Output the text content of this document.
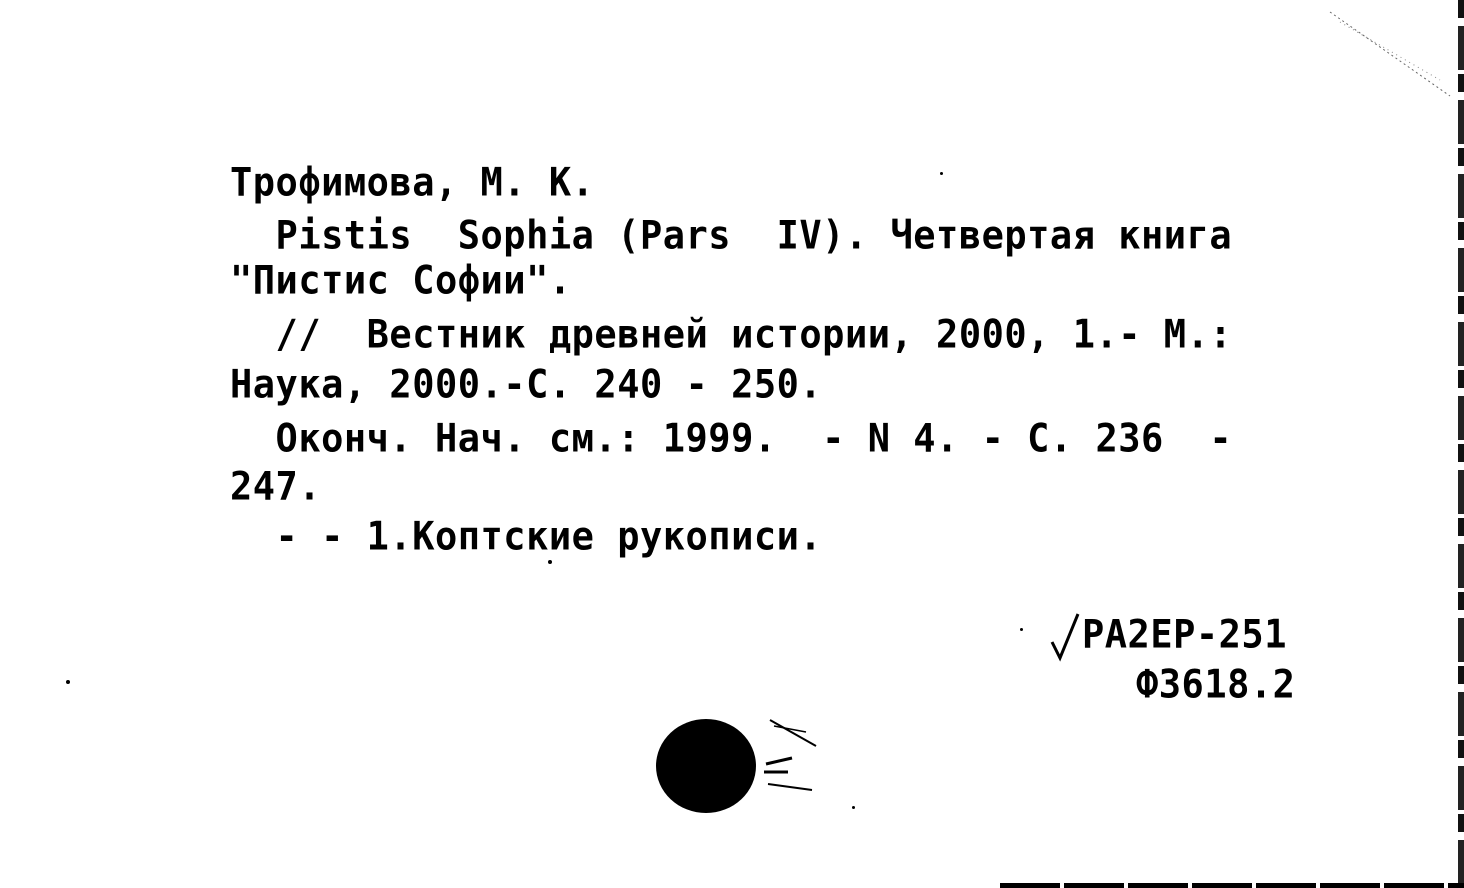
Трофимова, М. К.
Pistis  Sophia (Pars  IV). Четвертая книга
"Пистис Софии".
//  Вестник древней истории, 2000, 1.- М.:
Наука, 2000.-С. 240 - 250.
Оконч. Нач. см.: 1999.  - N 4. - С. 236  -
247.
- - 1.Коптские рукописи.
PA2EP-251
Ф3618.2
